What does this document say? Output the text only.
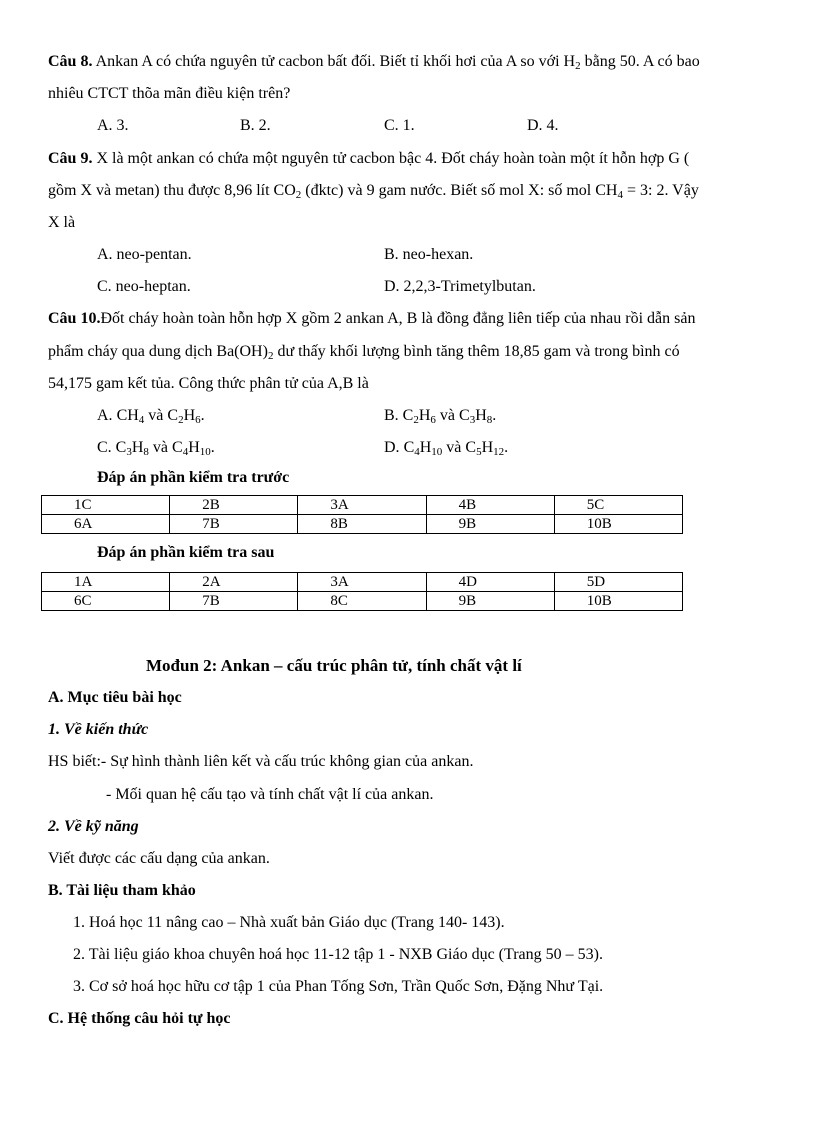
Câu 8. Ankan A có chứa nguyên tử cacbon bất đối. Biết tỉ khối hơi của A so với $H_2$ bằng 50. A có bao
nhiêu CTCT thõa mãn điều kiện trên?
A. 3.	B. 2.	C. 1.	D. 4.
Câu 9. X là một ankan có chứa một nguyên tử cacbon bậc 4. Đốt cháy hoàn toàn một ít hỗn hợp G (
gồm X và metan) thu được 8,96 lít $CO_2$ (đktc) và 9 gam nước. Biết số mol X: số mol $CH_4 = 3$: 2. Vậy
X là
A. neo-pentan.	B. neo-hexan.
C. neo-heptan.	D. 2,2,3-Trimetylbutan.
Câu 10.Đốt cháy hoàn toàn hỗn hợp X gồm 2 ankan A, B là đồng đẳng liên tiếp của nhau rồi dẫn sản
phẩm cháy qua dung dịch $Ba(OH)_2$ dư thấy khối lượng bình tăng thêm 18,85 gam và trong bình có
54,175 gam kết tủa. Công thức phân tử của A,B là
A. $CH_4$ và $C_2H_6$.	B. $C_2H_6$ và $C_3H_8$.
C. $C_3H_8$ và $C_4H_{10}$.	D. $C_4H_{10}$ và $C_5H_{12}$.
Đáp án phần kiểm tra trước
1C	2B	3A	4B	5C
6A	7B	8B	9B	10B
Đáp án phần kiểm tra sau
1A	2A	3A	4D	5D
6C	7B	8C	9B	10B
Mođun 2: Ankan – cấu trúc phân tử, tính chất vật lí
A. Mục tiêu bài học
1. Về kiến thức
HS biết:- Sự hình thành liên kết và cấu trúc không gian của ankan.
- Mối quan hệ cấu tạo và tính chất vật lí của ankan.
2. Về kỹ năng
Viết được các cấu dạng của ankan.
B. Tài liệu tham khảo
1. Hoá học 11 nâng cao – Nhà xuất bản Giáo dục (Trang 140- 143).
2. Tài liệu giáo khoa chuyên hoá học 11-12 tập 1 - NXB Giáo dục (Trang 50 – 53).
3. Cơ sở hoá học hữu cơ tập 1 của Phan Tống Sơn, Trần Quốc Sơn, Đặng Như Tại.
C. Hệ thống câu hỏi tự học
